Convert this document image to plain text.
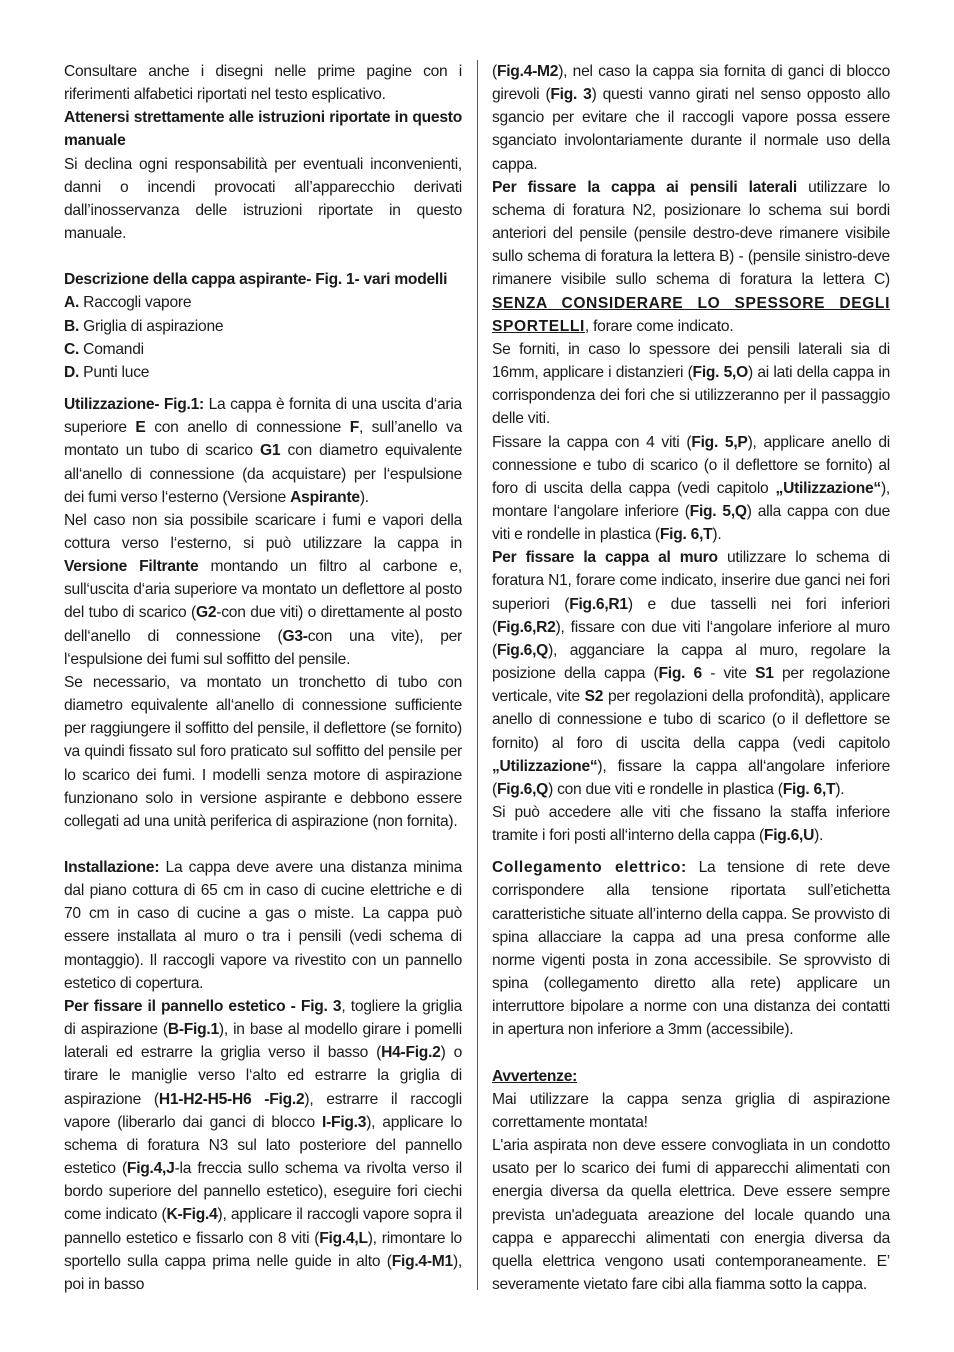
Consultare anche i disegni nelle prime pagine con i riferimenti alfabetici riportati nel testo esplicativo.

Attenersi strettamente alle istruzioni riportate in questo manuale

Si declina ogni responsabilità per eventuali inconvenienti, danni o incendi provocati all’apparecchio derivati dall’inosservanza delle istruzioni riportate in questo manuale.

Descrizione della cappa aspirante- Fig. 1- vari modelli

A. Raccogli vapore

B. Griglia di aspirazione

C. Comandi

D. Punti luce

Utilizzazione- Fig.1: La cappa è fornita di una uscita d‘aria superiore E con anello di connessione F, sull’anello va montato un tubo di scarico G1 con diametro equivalente all‘anello di connessione (da acquistare) per l‘espulsione dei fumi verso l‘esterno (Versione Aspirante).

Nel caso non sia possibile scaricare i fumi e vapori della cottura verso l‘esterno, si può utilizzare la cappa in Versione Filtrante montando un filtro al carbone e, sull‘uscita d‘aria superiore va montato un deflettore al posto del tubo di scarico (G2-con due viti) o direttamente al posto dell‘anello di connessione (G3-con una vite), per l‘espulsione dei fumi sul soffitto del pensile.

Se necessario, va montato un tronchetto di tubo con diametro equivalente all‘anello di connessione sufficiente per raggiungere il soffitto del pensile, il deflettore (se fornito) va quindi fissato sul foro praticato sul soffitto del pensile per lo scarico dei fumi. I modelli senza motore di aspirazione funzionano solo in versione aspirante e debbono essere collegati ad una unità periferica di aspirazione (non fornita).

Installazione: La cappa deve avere una distanza minima dal piano cottura di 65 cm in caso di cucine elettriche e di 70 cm in caso di cucine a gas o miste. La cappa può essere installata al muro o tra i pensili (vedi schema di montaggio). Il raccogli vapore va rivestito con un pannello estetico di copertura.

Per fissare il pannello estetico - Fig. 3, togliere la griglia di aspirazione (B-Fig.1), in base al modello girare i pomelli laterali ed estrarre la griglia verso il basso (H4-Fig.2) o tirare le maniglie verso l‘alto ed estrarre la griglia di aspirazione (H1-H2-H5-H6 -Fig.2), estrarre il raccogli vapore (liberarlo dai ganci di blocco I-Fig.3), applicare lo schema di foratura N3 sul lato posteriore del pannello estetico (Fig.4,J-la freccia sullo schema va rivolta verso il bordo superiore del pannello estetico), eseguire fori ciechi come indicato (K-Fig.4), applicare il raccogli vapore sopra il pannello estetico e fissarlo con 8 viti (Fig.4,L), rimontare lo sportello sulla cappa prima nelle guide in alto (Fig.4-M1), poi in basso

(Fig.4-M2), nel caso la cappa sia fornita di ganci di blocco girevoli (Fig. 3) questi vanno girati nel senso opposto allo sgancio per evitare che il raccogli vapore possa essere sganciato involontariamente durante il normale uso della cappa.

Per fissare la cappa ai pensili laterali utilizzare lo schema di foratura N2, posizionare lo schema sui bordi anteriori del pensile (pensile destro-deve rimanere visibile sullo schema di foratura la lettera B) - (pensile sinistro-deve rimanere visibile sullo schema di foratura la lettera C) SENZA CONSIDERARE LO SPESSORE DEGLI SPORTELLI, forare come indicato.

Se forniti, in caso lo spessore dei pensili laterali sia di 16mm, applicare i distanzieri (Fig. 5,O) ai lati della cappa in corrispondenza dei fori che si utilizzeranno per il passaggio delle viti.

Fissare la cappa con 4 viti (Fig. 5,P), applicare anello di connessione e tubo di scarico (o il deflettore se fornito) al foro di uscita della cappa (vedi capitolo „Utilizzazione“), montare l‘angolare inferiore (Fig. 5,Q) alla cappa con due viti e rondelle in plastica (Fig. 6,T).

Per fissare la cappa al muro utilizzare lo schema di foratura N1, forare come indicato, inserire due ganci nei fori superiori (Fig.6,R1) e due tasselli nei fori inferiori (Fig.6,R2), fissare con due viti l‘angolare inferiore al muro (Fig.6,Q), agganciare la cappa al muro, regolare la posizione della cappa (Fig. 6 - vite S1 per regolazione verticale, vite S2 per regolazioni della profondità), applicare anello di connessione e tubo di scarico (o il deflettore se fornito) al foro di uscita della cappa (vedi capitolo „Utilizzazione“), fissare la cappa all‘angolare inferiore (Fig.6,Q) con due viti e rondelle in plastica (Fig. 6,T).

Si può accedere alle viti che fissano la staffa inferiore tramite i fori posti all‘interno della cappa (Fig.6,U).

Collegamento elettrico: La tensione di rete deve corrispondere alla tensione riportata sull’etichetta caratteristiche situate all’interno della cappa. Se provvisto di spina allacciare la cappa ad una presa conforme alle norme vigenti posta in zona accessibile. Se sprovvisto di spina (collegamento diretto alla rete) applicare un interruttore bipolare a norme con una distanza dei contatti in apertura non inferiore a 3mm (accessibile).

Avvertenze:

Mai utilizzare la cappa senza griglia di aspirazione correttamente montata!

L'aria aspirata non deve essere convogliata in un condotto usato per lo scarico dei fumi di apparecchi alimentati con energia diversa da quella elettrica. Deve essere sempre prevista un'adeguata areazione del locale quando una cappa e apparecchi alimentati con energia diversa da quella elettrica vengono usati contemporaneamente. E’ severamente vietato fare cibi alla fiamma sotto la cappa.
